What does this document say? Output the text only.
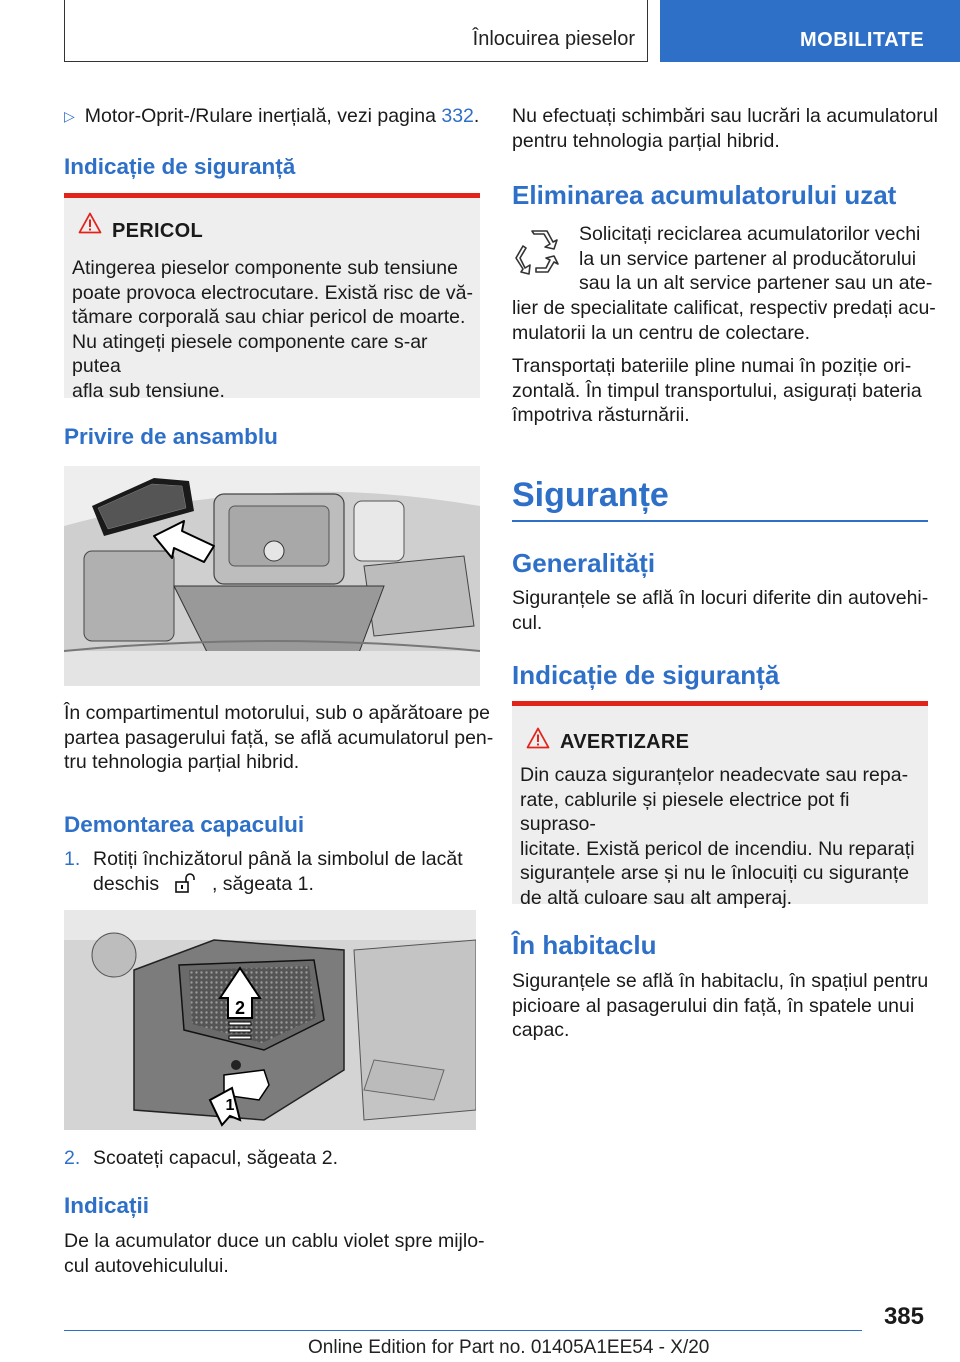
Înlocuirea pieselor	MOBILITATE
▷ Motor-Oprit-/Rulare inerțială, vezi pagina 332.
Indicație de siguranță
PERICOL
Atingerea pieselor componente sub tensiune
poate provoca electrocutare. Există risc de vă-
tămare corporală sau chiar pericol de moarte.
Nu atingeți piesele componente care s-ar putea
afla sub tensiune.
Privire de ansamblu
În compartimentul motorului, sub o apărătoare pe
partea pasagerului față, se află acumulatorul pen-
tru tehnologia parțial hibrid.
Demontarea capacului
1. Rotiți închizătorul până la simbolul de lacăt
deschis	, săgeata 1.
2
1
2. Scoateți capacul, săgeata 2.
Indicații
De la acumulator duce un cablu violet spre mijlo-
cul autovehiculului.
Nu efectuați schimbări sau lucrări la acumulatorul
pentru tehnologia parțial hibrid.
Eliminarea acumulatorului uzat
Solicitați reciclarea acumulatorilor vechi
la un service partener al producătorului
sau la un alt service partener sau un ate-
lier de specialitate calificat, respectiv predați acu-
mulatorii la un centru de colectare.
Transportați bateriile pline numai în poziție ori-
zontală. În timpul transportului, asigurați bateria
împotriva răsturnării.
Siguranțe
Generalități
Siguranțele se află în locuri diferite din autovehi-
cul.
Indicație de siguranță
AVERTIZARE
Din cauza siguranțelor neadecvate sau repa-
rate, cablurile și piesele electrice pot fi supraso-
licitate. Există pericol de incendiu. Nu reparați
siguranțele arse și nu le înlocuiți cu siguranțe
de altă culoare sau alt amperaj.
În habitaclu
Siguranțele se află în habitaclu, în spațiul pentru
picioare al pasagerului din față, în spatele unui
capac.
385
Online Edition for Part no. 01405A1EE54 - X/20
